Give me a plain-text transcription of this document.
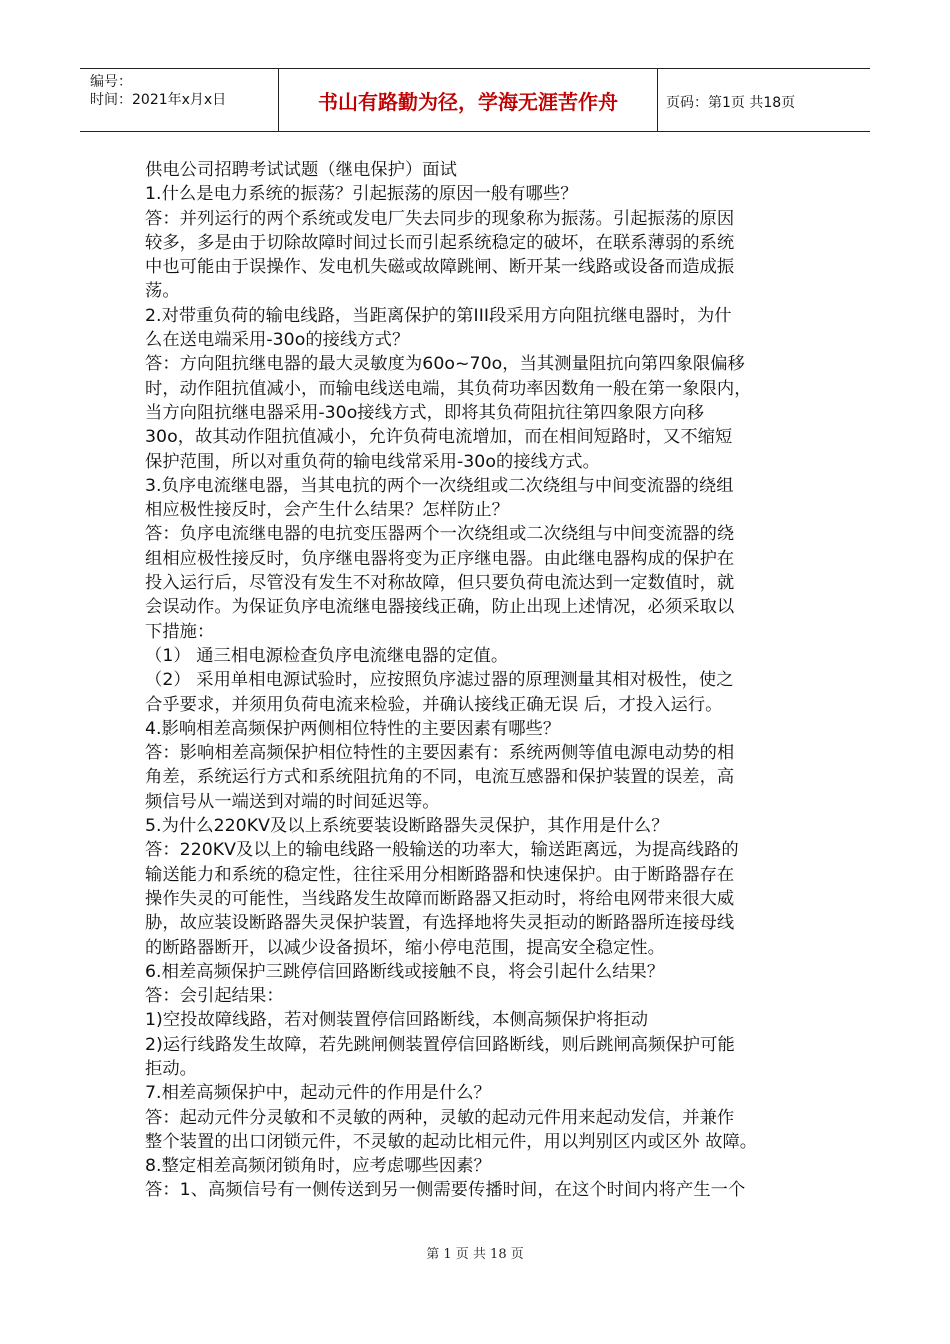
编号：
时间：2021年x月x日	书山有路勤为径，学海无涯苦作舟	页码：第1页 共18页

供电公司招聘考试试题（继电保护）面试

1.什么是电力系统的振荡？引起振荡的原因一般有哪些？

答：并列运行的两个系统或发电厂失去同步的现象称为振荡。引起振荡的原因

较多，多是由于切除故障时间过长而引起系统稳定的破坏，在联系薄弱的系统

中也可能由于误操作、发电机失磁或故障跳闸、断开某一线路或设备而造成振

荡。

2.对带重负荷的输电线路，当距离保护的第III段采用方向阻抗继电器时，为什

么在送电端采用-30o的接线方式？

答：方向阻抗继电器的最大灵敏度为60o~70o，当其测量阻抗向第四象限偏移

时，动作阻抗值减小，而输电线送电端，其负荷功率因数角一般在第一象限内，

当方向阻抗继电器采用-30o接线方式，即将其负荷阻抗往第四象限方向移

30o，故其动作阻抗值减小，允许负荷电流增加，而在相间短路时，又不缩短

保护范围，所以对重负荷的输电线常采用-30o的接线方式。

3.负序电流继电器，当其电抗的两个一次绕组或二次绕组与中间变流器的绕组

相应极性接反时，会产生什么结果？怎样防止？

答：负序电流继电器的电抗变压器两个一次绕组或二次绕组与中间变流器的绕

组相应极性接反时，负序继电器将变为正序继电器。由此继电器构成的保护在

投入运行后，尽管没有发生不对称故障，但只要负荷电流达到一定数值时，就

会误动作。为保证负序电流继电器接线正确，防止出现上述情况，必须采取以

下措施：

（1） 通三相电源检查负序电流继电器的定值。

（2） 采用单相电源试验时，应按照负序滤过器的原理测量其相对极性，使之

合乎要求，并须用负荷电流来检验，并确认接线正确无误 后，才投入运行。

4.影响相差高频保护两侧相位特性的主要因素有哪些？

答：影响相差高频保护相位特性的主要因素有：系统两侧等值电源电动势的相

角差，系统运行方式和系统阻抗角的不同，电流互感器和保护装置的误差，高

频信号从一端送到对端的时间延迟等。

5.为什么220KV及以上系统要装设断路器失灵保护，其作用是什么？

答：220KV及以上的输电线路一般输送的功率大，输送距离远，为提高线路的

输送能力和系统的稳定性，往往采用分相断路器和快速保护。由于断路器存在

操作失灵的可能性，当线路发生故障而断路器又拒动时，将给电网带来很大威

胁，故应装设断路器失灵保护装置，有选择地将失灵拒动的断路器所连接母线

的断路器断开，以减少设备损坏，缩小停电范围，提高安全稳定性。

6.相差高频保护三跳停信回路断线或接触不良，将会引起什么结果？

答：会引起结果：

1)空投故障线路，若对侧装置停信回路断线，本侧高频保护将拒动

2)运行线路发生故障，若先跳闸侧装置停信回路断线，则后跳闸高频保护可能

拒动。

7.相差高频保护中，起动元件的作用是什么？

答：起动元件分灵敏和不灵敏的两种，灵敏的起动元件用来起动发信，并兼作

整个装置的出口闭锁元件，不灵敏的起动比相元件，用以判别区内或区外 故障。

8.整定相差高频闭锁角时，应考虑哪些因素？

答：1、高频信号有一侧传送到另一侧需要传播时间，在这个时间内将产生一个

第 1 页 共 18 页
